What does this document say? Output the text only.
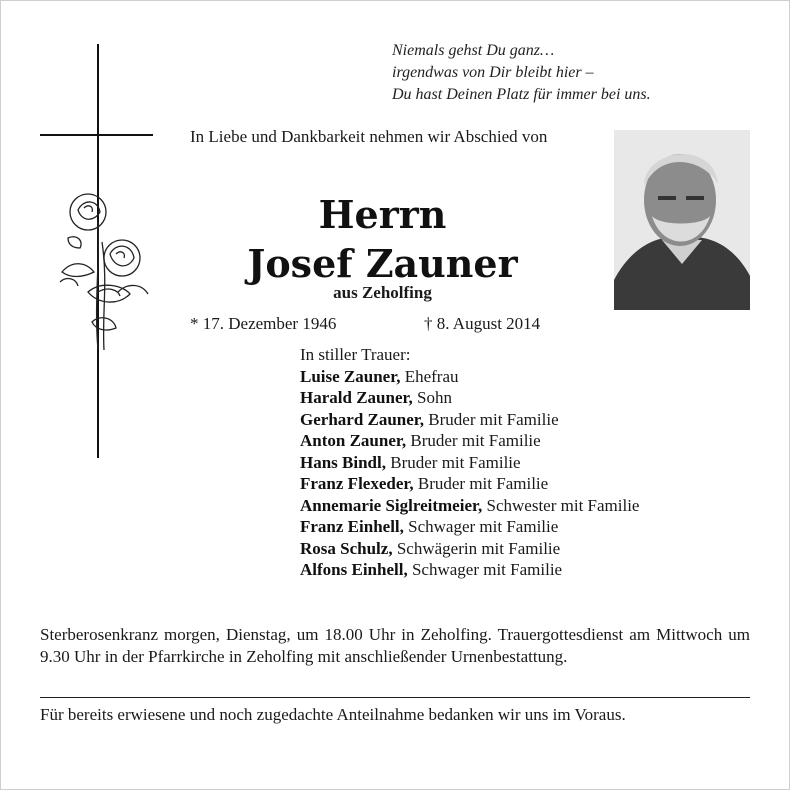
Niemals gehst Du ganz…
irgendwas von Dir bleibt hier –
Du hast Deinen Platz für immer bei uns.
In Liebe und Dankbarkeit nehmen wir Abschied von
Herrn
Josef Zauner
aus Zeholfing
* 17. Dezember 1946	† 8. August 2014
In stiller Trauer:
Luise Zauner, Ehefrau
Harald Zauner, Sohn
Gerhard Zauner, Bruder mit Familie
Anton Zauner, Bruder mit Familie
Hans Bindl, Bruder mit Familie
Franz Flexeder, Bruder mit Familie
Annemarie Siglreitmeier, Schwester mit Familie
Franz Einhell, Schwager mit Familie
Rosa Schulz, Schwägerin mit Familie
Alfons Einhell, Schwager mit Familie
Sterberosenkranz morgen, Dienstag, um 18.00 Uhr in Zeholfing. Trauergottesdienst am Mittwoch um 9.30 Uhr in der Pfarrkirche in Zeholfing mit anschließender Urnenbestattung.
Für bereits erwiesene und noch zugedachte Anteilnahme bedanken wir uns im Voraus.
